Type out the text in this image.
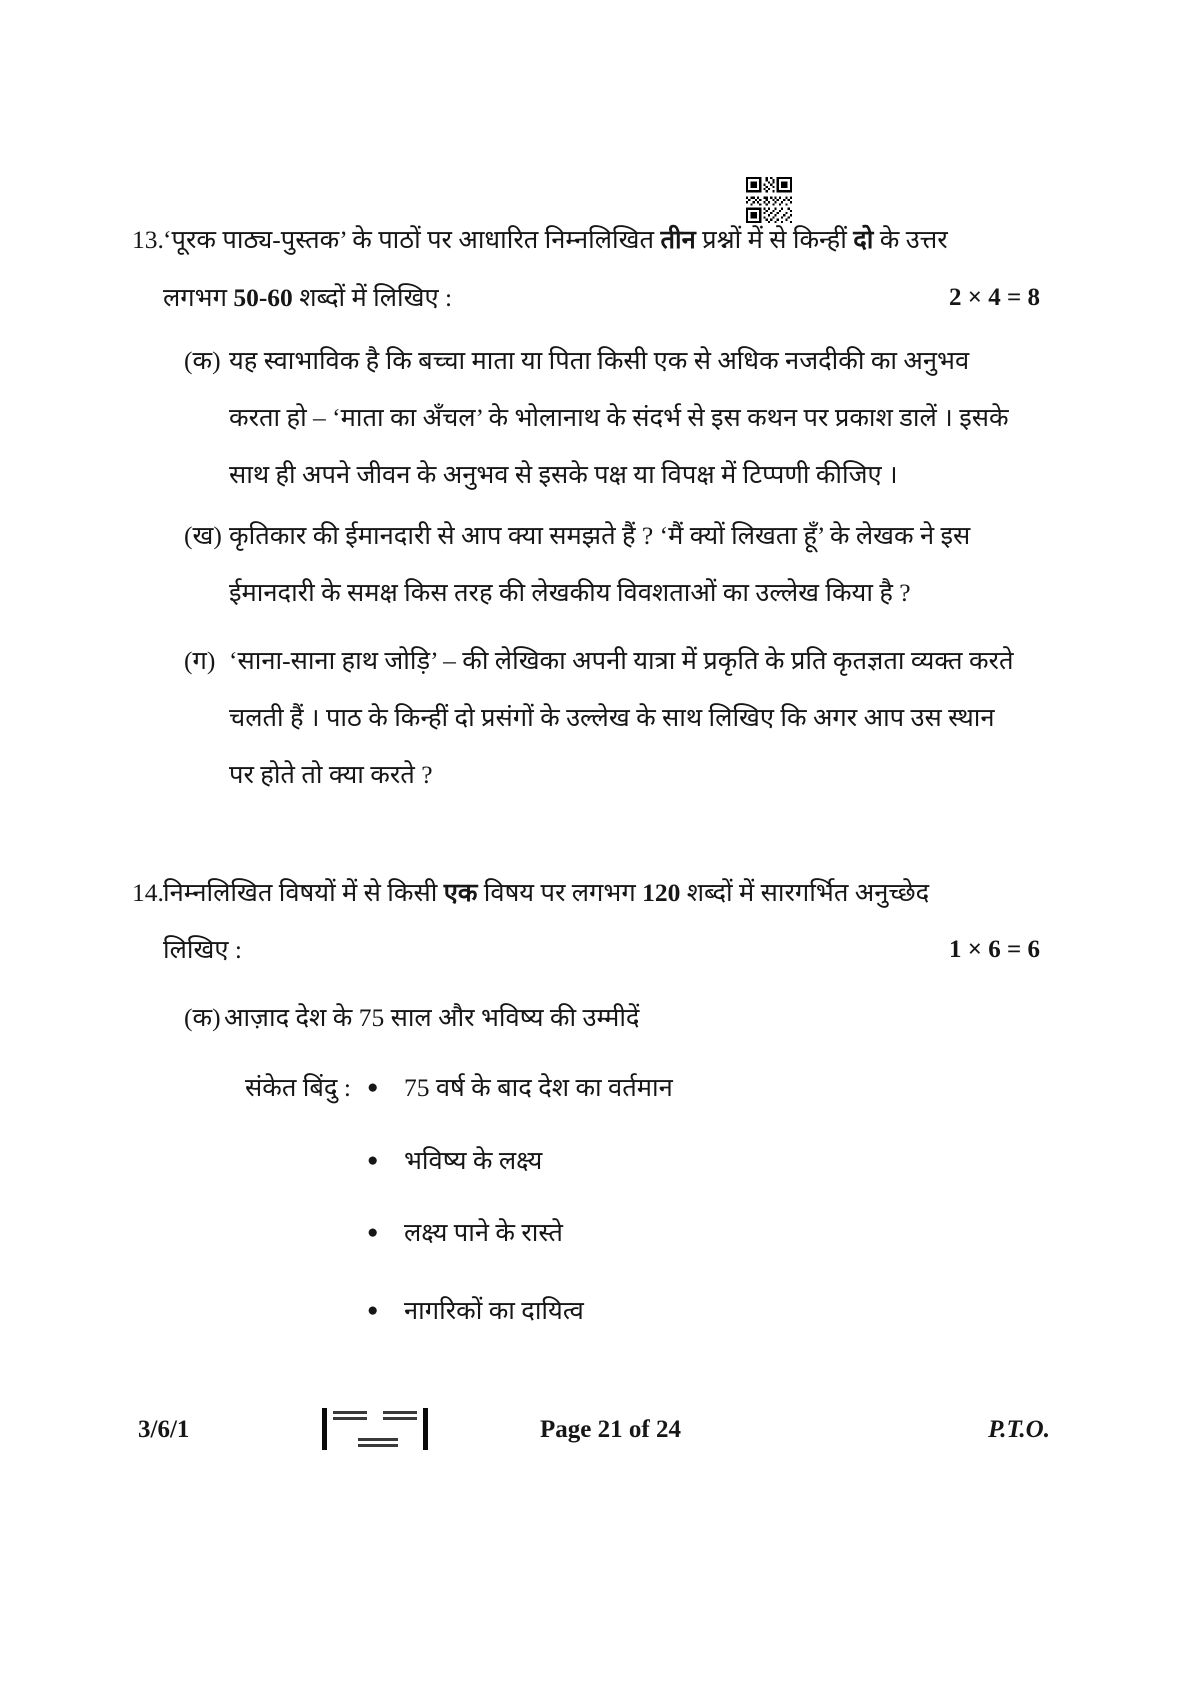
13. ‘पूरक पाठ्य-पुस्तक’ के पाठों पर आधारित निम्नलिखित तीन प्रश्नों में से किन्हीं दो के उत्तर
लगभग 50-60 शब्दों में लिखिए :	2 × 4 = 8
(क) यह स्वाभाविक है कि बच्चा माता या पिता किसी एक से अधिक नजदीकी का अनुभव
करता हो – ‘माता का अँचल’ के भोलानाथ के संदर्भ से इस कथन पर प्रकाश डालें । इसके
साथ ही अपने जीवन के अनुभव से इसके पक्ष या विपक्ष में टिप्पणी कीजिए ।
(ख) कृतिकार की ईमानदारी से आप क्या समझते हैं ? ‘मैं क्यों लिखता हूँ’ के लेखक ने इस
ईमानदारी के समक्ष किस तरह की लेखकीय विवशताओं का उल्लेख किया है ?
(ग) ‘साना-साना हाथ जोड़ि’ – की लेखिका अपनी यात्रा में प्रकृति के प्रति कृतज्ञता व्यक्त करते
चलती हैं । पाठ के किन्हीं दो प्रसंगों के उल्लेख के साथ लिखिए कि अगर आप उस स्थान
पर होते तो क्या करते ?
14. निम्नलिखित विषयों में से किसी एक विषय पर लगभग 120 शब्दों में सारगर्भित अनुच्छेद
लिखिए :	1 × 6 = 6
(क) आज़ाद देश के 75 साल और भविष्य की उम्मीदें
संकेत बिंदु : ● 75 वर्ष के बाद देश का वर्तमान
● भविष्य के लक्ष्य
● लक्ष्य पाने के रास्ते
● नागरिकों का दायित्व
3/6/1	Page 21 of 24	P.T.O.
